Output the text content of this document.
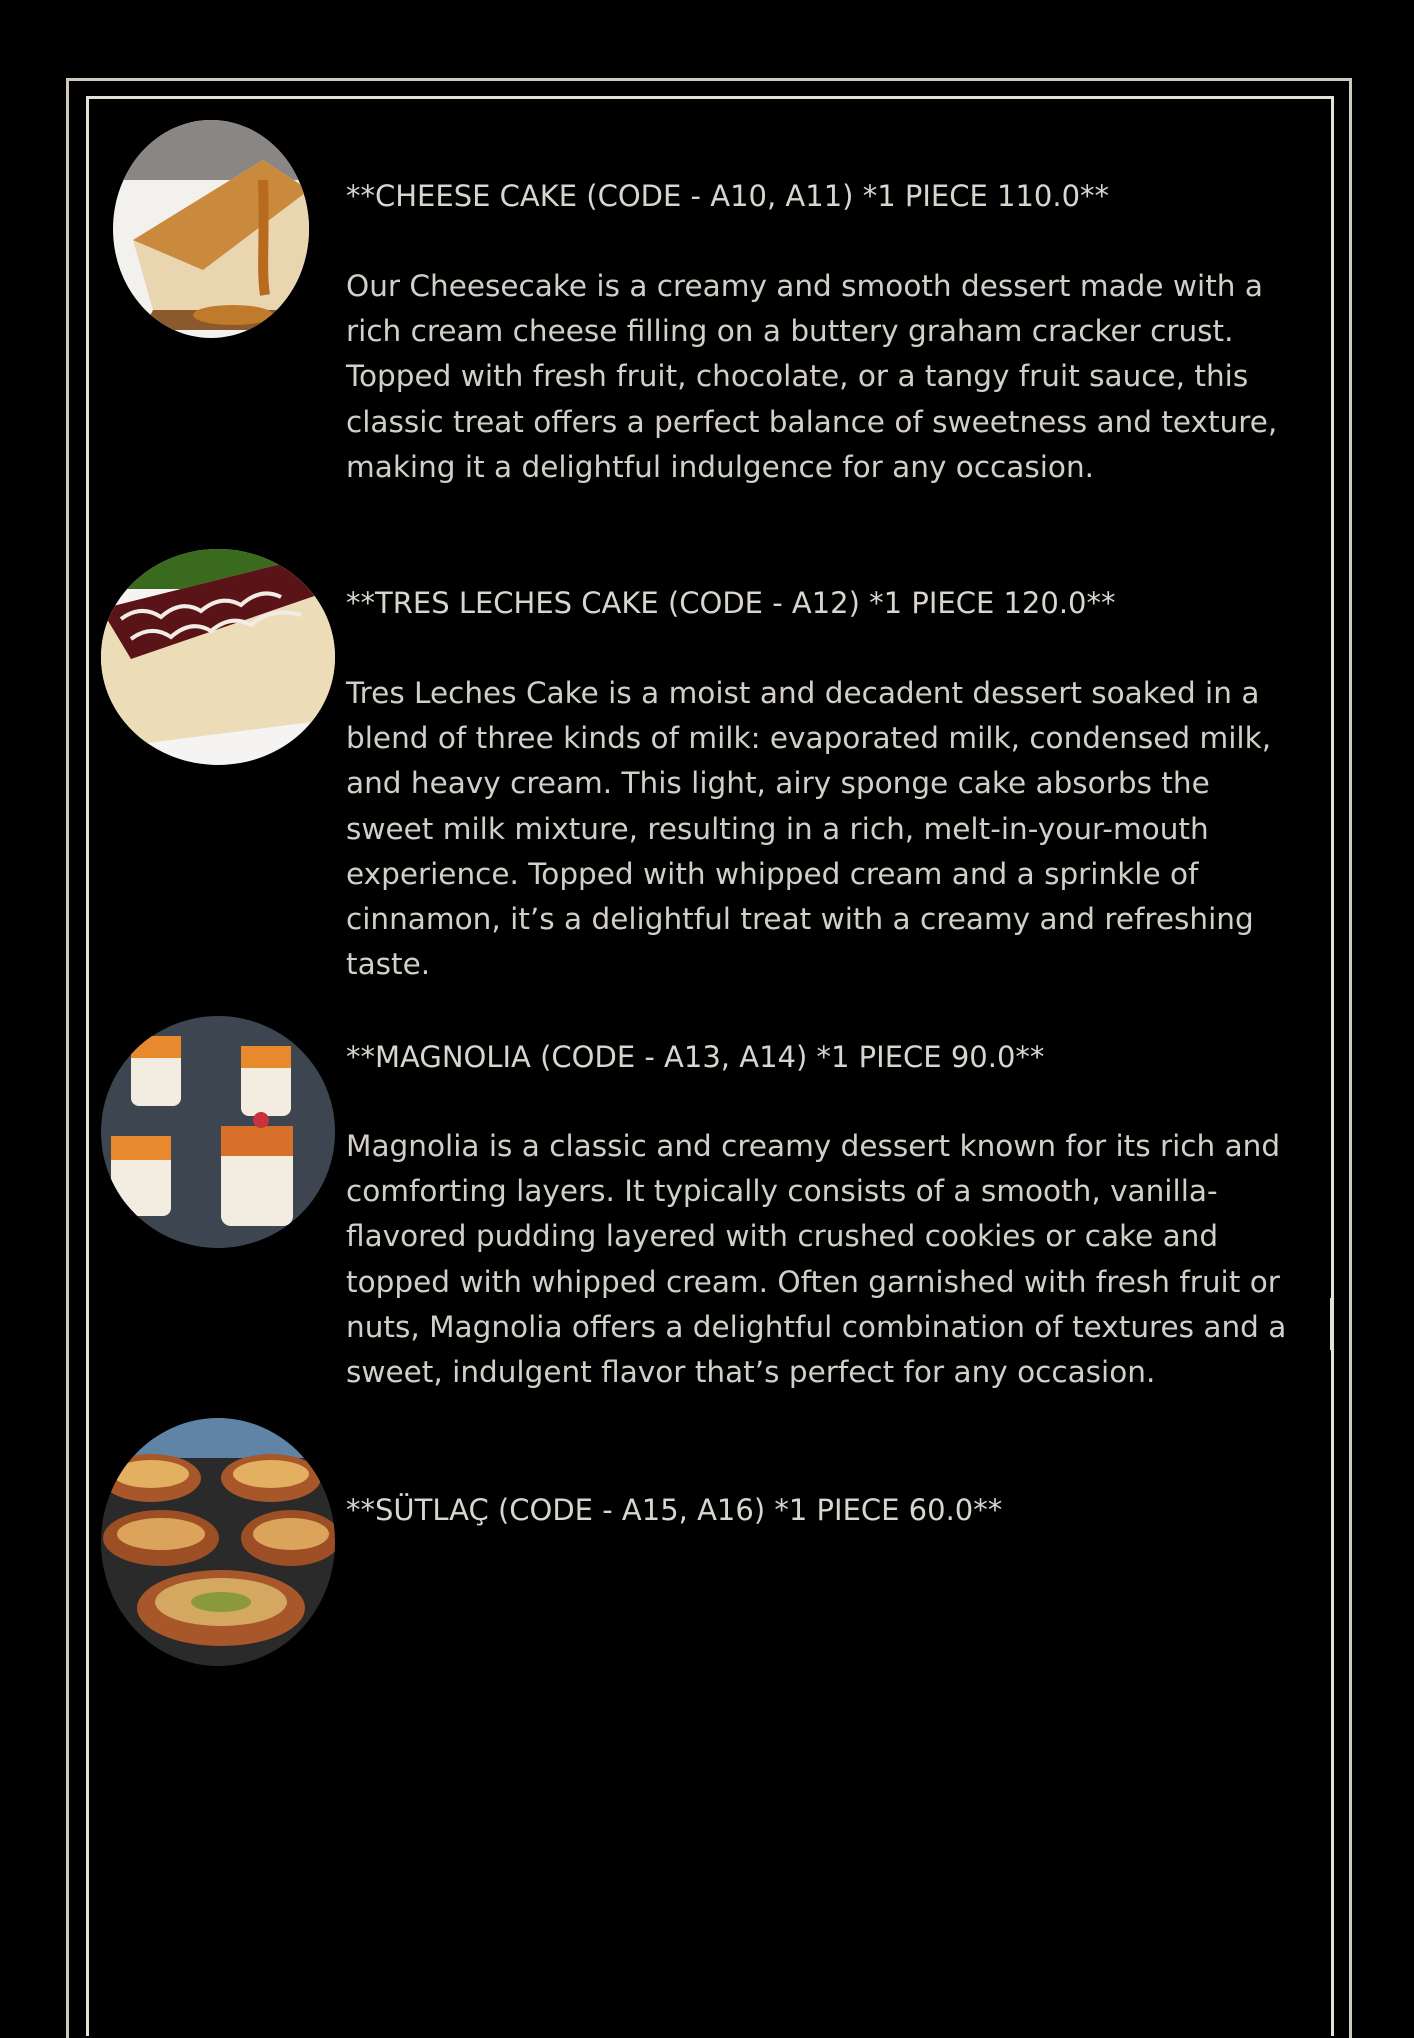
**CHEESE CAKE (CODE - A10, A11) *1 PIECE 110.0**
Our Cheesecake is a creamy and smooth dessert made with a rich cream cheese filling on a buttery graham cracker crust. Topped with fresh fruit, chocolate, or a tangy fruit sauce, this classic treat offers a perfect balance of sweetness and texture, making it a delightful indulgence for any occasion.
**TRES LECHES CAKE (CODE - A12) *1 PIECE 120.0**
Tres Leches Cake is a moist and decadent dessert soaked in a blend of three kinds of milk: evaporated milk, condensed milk, and heavy cream. This light, airy sponge cake absorbs the sweet milk mixture, resulting in a rich, melt-in-your-mouth experience. Topped with whipped cream and a sprinkle of cinnamon, it’s a delightful treat with a creamy and refreshing taste.
**MAGNOLIA (CODE - A13, A14) *1 PIECE 90.0**
Magnolia is a classic and creamy dessert known for its rich and comforting layers. It typically consists of a smooth, vanilla-flavored pudding layered with crushed cookies or cake and topped with whipped cream. Often garnished with fresh fruit or nuts, Magnolia offers a delightful combination of textures and a sweet, indulgent flavor that’s perfect for any occasion.
**SÜTLAÇ (CODE - A15, A16) *1 PIECE 60.0**
